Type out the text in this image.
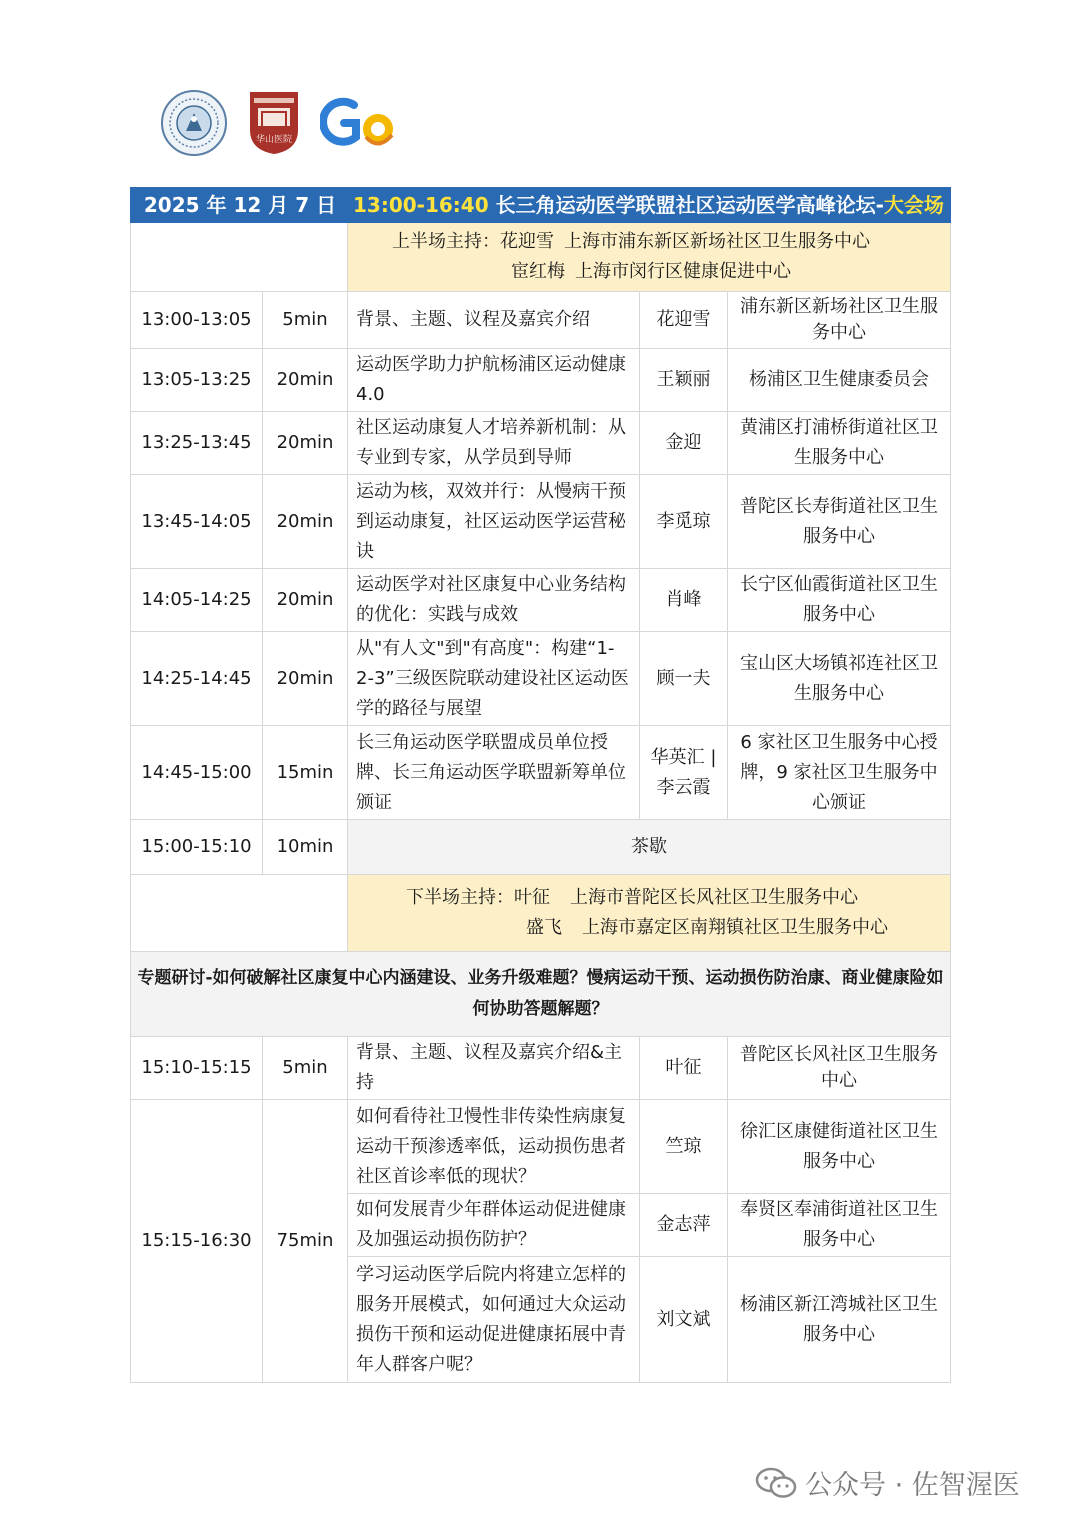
华山医院
2025 年 12 月 7 日 13:00-16:40 长三角运动医学联盟社区运动医学高峰论坛-大会场				

		上半场主持：花迎雪 上海市浦东新区新场社区卫生服务中心
宦红梅 上海市闵行区健康促进中心		

13:00-13:05	5min	背景、主题、议程及嘉宾介绍	花迎雪	浦东新区新场社区卫生服务中心
13:05-13:25	20min	运动医学助力护航杨浦区运动健康 4.0	王颖丽	杨浦区卫生健康委员会
13:25-13:45	20min	社区运动康复人才培养新机制：从专业到专家，从学员到导师	金迎	黄浦区打浦桥街道社区卫生服务中心
13:45-14:05	20min	运动为核，双效并行：从慢病干预到运动康复，社区运动医学运营秘诀	李觅琼	普陀区长寿街道社区卫生服务中心
14:05-14:25	20min	运动医学对社区康复中心业务结构的优化：实践与成效	肖峰	长宁区仙霞街道社区卫生服务中心
14:25-14:45	20min	从"有人文"到"有高度"：构建“1-2-3”三级医院联动建设社区运动医学的路径与展望	顾一夫	宝山区大场镇祁连社区卫生服务中心
14:45-15:00	15min	长三角运动医学联盟成员单位授牌、长三角运动医学联盟新筹单位颁证	华英汇 | 李云霞	6 家社区卫生服务中心授牌，9 家社区卫生服务中心颁证
15:00-15:10	10min	茶歇		

		下半场主持：叶征 上海市普陀区长风社区卫生服务中心
盛飞 上海市嘉定区南翔镇社区卫生服务中心		

专题研讨-如何破解社区康复中心内涵建设、业务升级难题？慢病运动干预、运动损伤防治康、商业健康险如何协助答题解题？				
15:10-15:15	5min	背景、主题、议程及嘉宾介绍&主持	叶征	普陀区长风社区卫生服务中心
15:15-16:30	75min	如何看待社卫慢性非传染性病康复运动干预渗透率低，运动损伤患者社区首诊率低的现状？	竺琼	徐汇区康健街道社区卫生服务中心
		如何发展青少年群体运动促进健康及加强运动损伤防护？	金志萍	奉贤区奉浦街道社区卫生服务中心
		学习运动医学后院内将建立怎样的服务开展模式，如何通过大众运动损伤干预和运动促进健康拓展中青年人群客户呢？	刘文斌	杨浦区新江湾城社区卫生服务中心
公众号 · 佐智渥医
